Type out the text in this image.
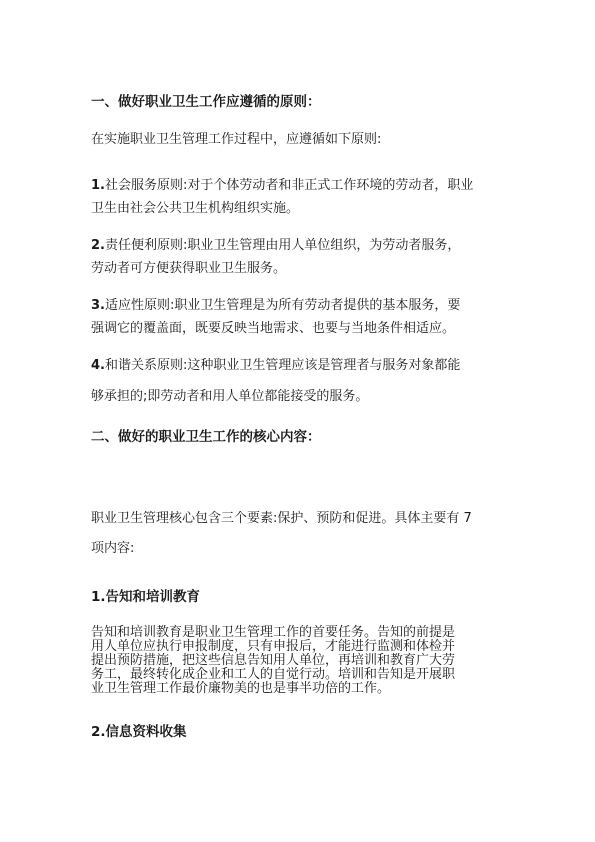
一、做好职业卫生工作应遵循的原则：
在实施职业卫生管理工作过程中，应遵循如下原则:
1.社会服务原则:对于个体劳动者和非正式工作环境的劳动者，职业
卫生由社会公共卫生机构组织实施。
2.责任便利原则:职业卫生管理由用人单位组织，为劳动者服务，
劳动者可方便获得职业卫生服务。
3.适应性原则:职业卫生管理是为所有劳动者提供的基本服务，要
强调它的覆盖面，既要反映当地需求、也要与当地条件相适应。
4.和谐关系原则:这种职业卫生管理应该是管理者与服务对象都能
够承担的;即劳动者和用人单位都能接受的服务。
二、做好的职业卫生工作的核心内容：
职业卫生管理核心包含三个要素:保护、预防和促进。具体主要有 7
项内容:
1.告知和培训教育
告知和培训教育是职业卫生管理工作的首要任务。告知的前提是
用人单位应执行申报制度，只有申报后，才能进行监测和体检并
提出预防措施，把这些信息告知用人单位，再培训和教育广大劳
务工，最终转化成企业和工人的自觉行动。培训和告知是开展职
业卫生管理工作最价廉物美的也是事半功倍的工作。
2.信息资料收集
